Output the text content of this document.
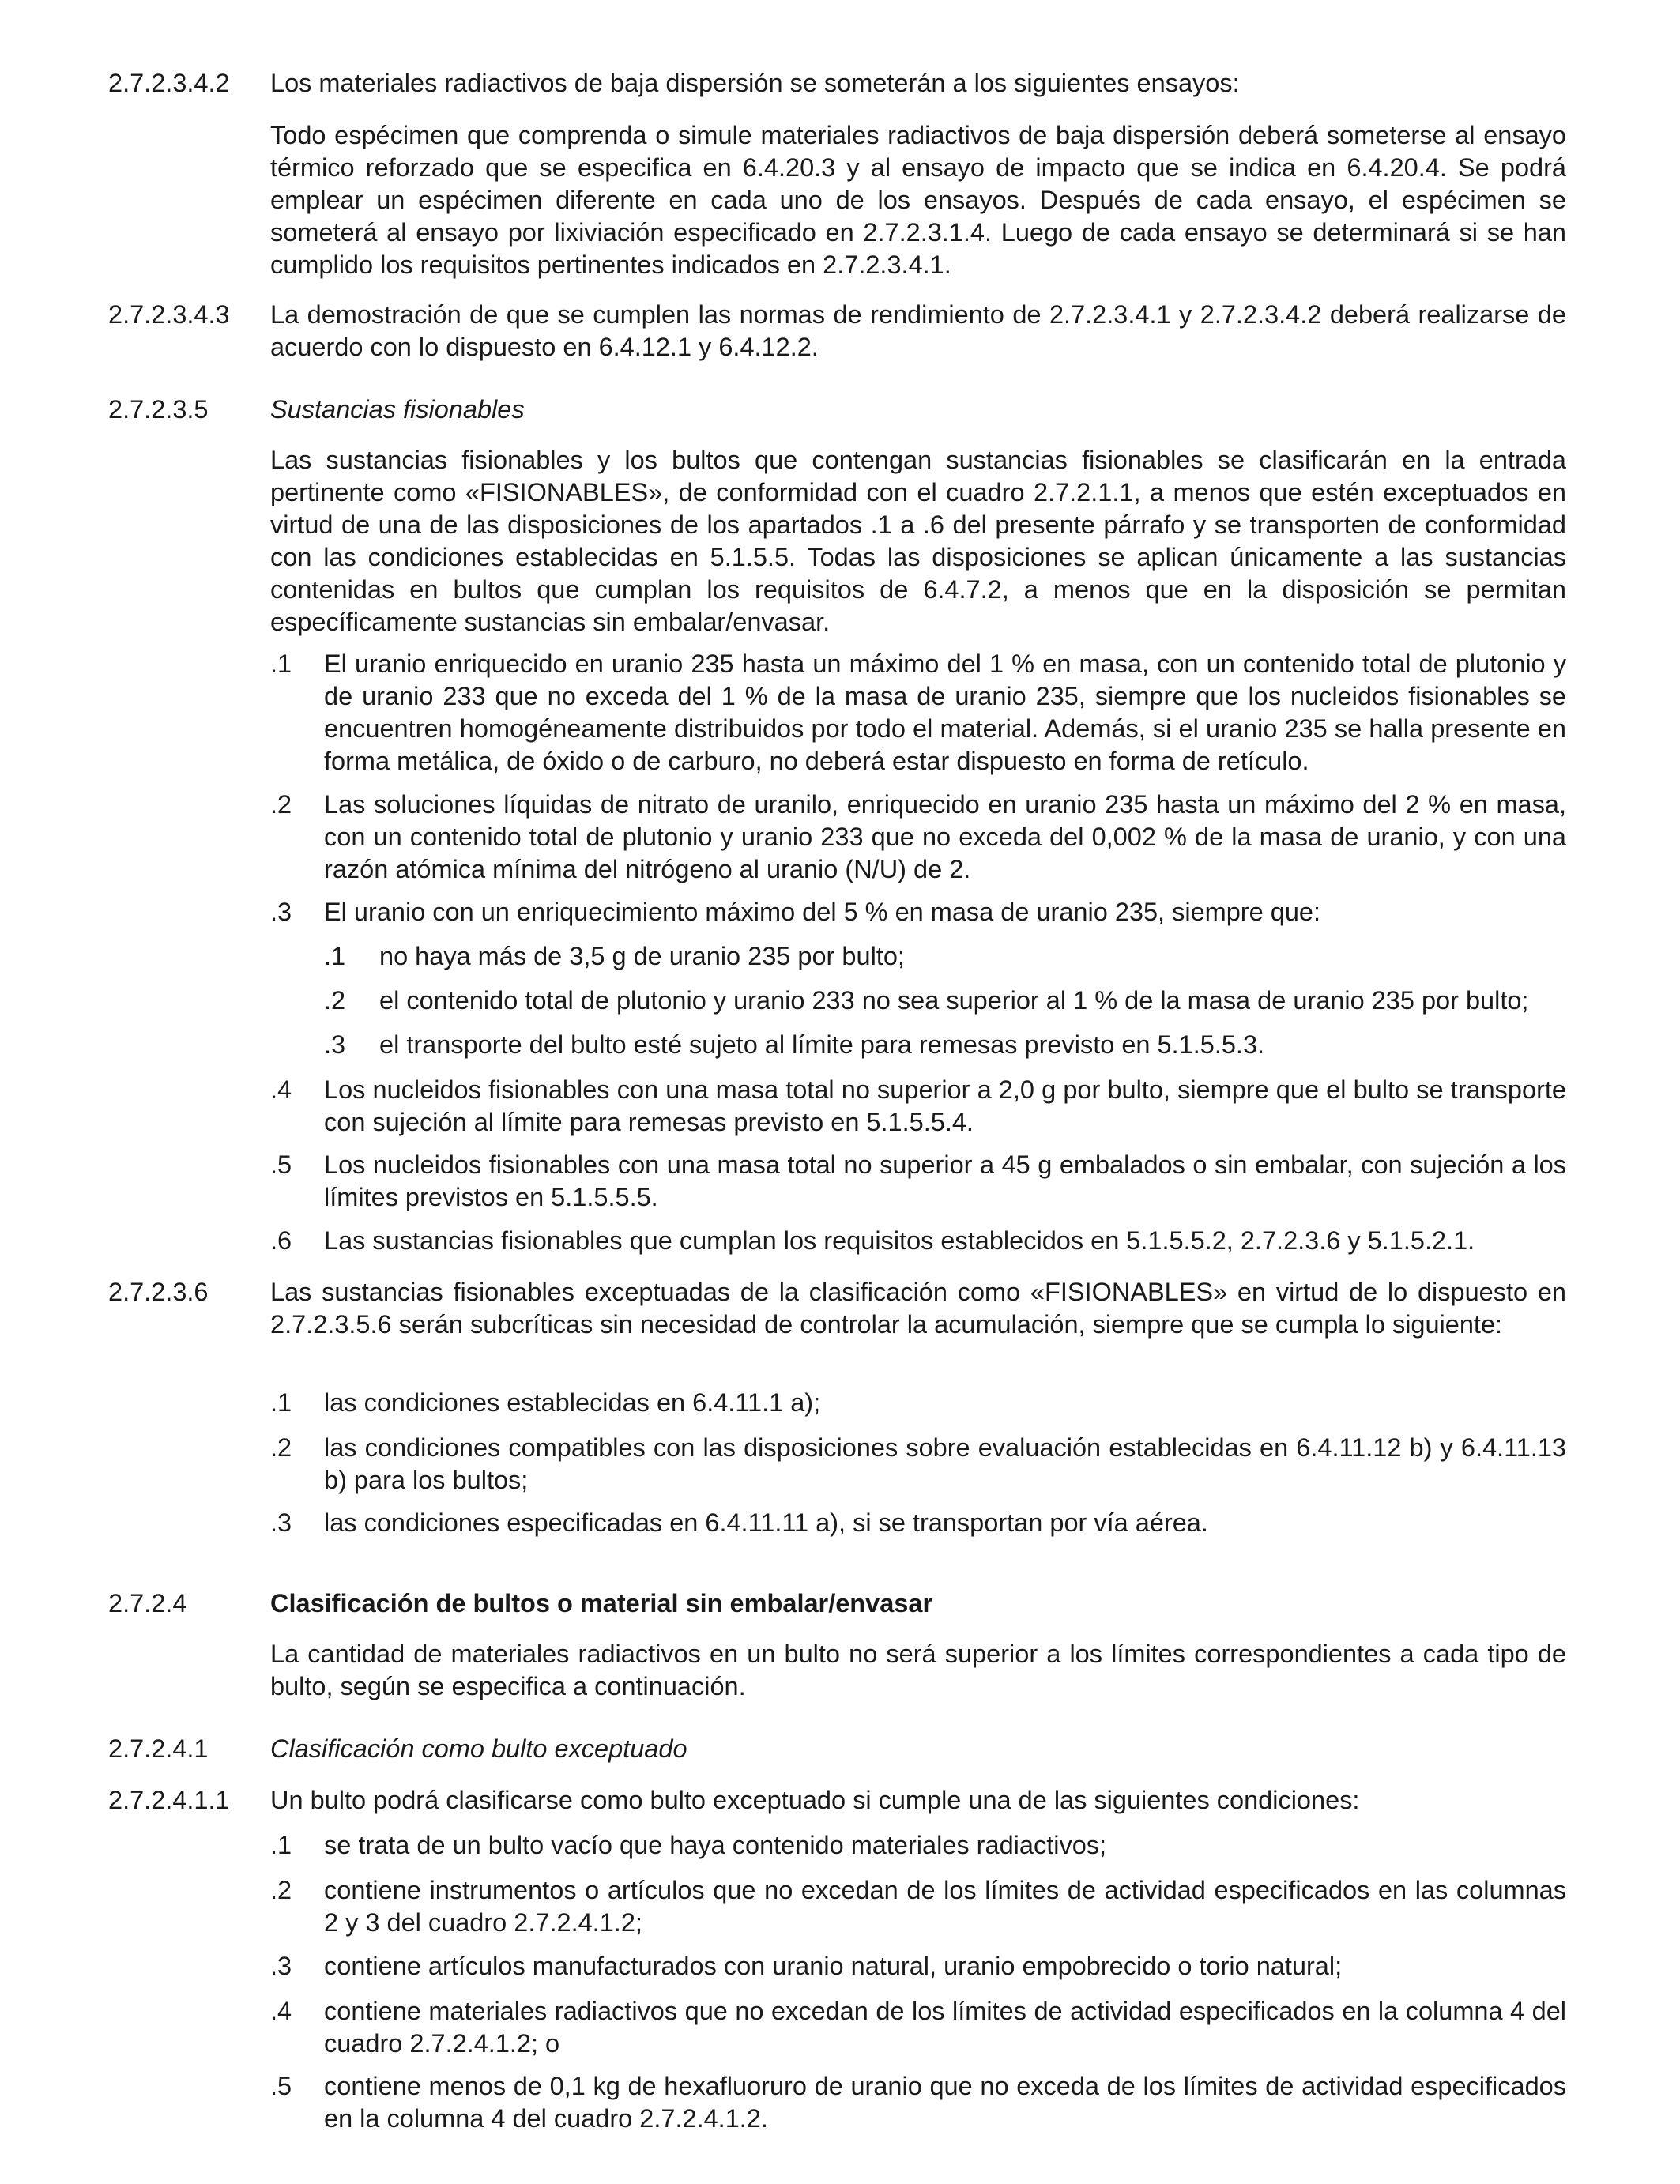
2.7.2.3.4.2 Los materiales radiactivos de baja dispersión se someterán a los siguientes ensayos:

Todo espécimen que comprenda o simule materiales radiactivos de baja dispersión deberá someterse al ensayo térmico reforzado que se especifica en 6.4.20.3 y al ensayo de impacto que se indica en 6.4.20.4. Se podrá emplear un espécimen diferente en cada uno de los ensayos. Después de cada ensayo, el espécimen se someterá al ensayo por lixiviación especificado en 2.7.2.3.1.4. Luego de cada ensayo se determinará si se han cumplido los requisitos pertinentes indicados en 2.7.2.3.4.1.

2.7.2.3.4.3 La demostración de que se cumplen las normas de rendimiento de 2.7.2.3.4.1 y 2.7.2.3.4.2 deberá realizarse de acuerdo con lo dispuesto en 6.4.12.1 y 6.4.12.2.

2.7.2.3.5 Sustancias fisionables

Las sustancias fisionables y los bultos que contengan sustancias fisionables se clasificarán en la entrada pertinente como «FISIONABLES», de conformidad con el cuadro 2.7.2.1.1, a menos que estén exceptuados en virtud de una de las disposiciones de los apartados .1 a .6 del presente párrafo y se transporten de conformidad con las condiciones establecidas en 5.1.5.5. Todas las disposiciones se aplican únicamente a las sustancias contenidas en bultos que cumplan los requisitos de 6.4.7.2, a menos que en la disposición se permitan específicamente sustancias sin embalar/envasar.

.1 El uranio enriquecido en uranio 235 hasta un máximo del 1 % en masa, con un contenido total de plutonio y de uranio 233 que no exceda del 1 % de la masa de uranio 235, siempre que los nucleidos fisionables se encuentren homogéneamente distribuidos por todo el material. Además, si el uranio 235 se halla presente en forma metálica, de óxido o de carburo, no deberá estar dispuesto en forma de retículo.

.2 Las soluciones líquidas de nitrato de uranilo, enriquecido en uranio 235 hasta un máximo del 2 % en masa, con un contenido total de plutonio y uranio 233 que no exceda del 0,002 % de la masa de uranio, y con una razón atómica mínima del nitrógeno al uranio (N/U) de 2.

.3 El uranio con un enriquecimiento máximo del 5 % en masa de uranio 235, siempre que:

.1 no haya más de 3,5 g de uranio 235 por bulto;
.2 el contenido total de plutonio y uranio 233 no sea superior al 1 % de la masa de uranio 235 por bulto;
.3 el transporte del bulto esté sujeto al límite para remesas previsto en 5.1.5.5.3.
.4 Los nucleidos fisionables con una masa total no superior a 2,0 g por bulto, siempre que el bulto se transporte con sujeción al límite para remesas previsto en 5.1.5.5.4.

.5 Los nucleidos fisionables con una masa total no superior a 45 g embalados o sin embalar, con sujeción a los límites previstos en 5.1.5.5.5.

.6 Las sustancias fisionables que cumplan los requisitos establecidos en 5.1.5.5.2, 2.7.2.3.6 y 5.1.5.2.1.

2.7.2.3.6 Las sustancias fisionables exceptuadas de la clasificación como «FISIONABLES» en virtud de lo dispuesto en 2.7.2.3.5.6 serán subcríticas sin necesidad de controlar la acumulación, siempre que se cumpla lo siguiente:

.1 las condiciones establecidas en 6.4.11.1 a);

.2 las condiciones compatibles con las disposiciones sobre evaluación establecidas en 6.4.11.12 b) y 6.4.11.13 b) para los bultos;

.3 las condiciones especificadas en 6.4.11.11 a), si se transportan por vía aérea.

2.7.2.4	Clasificación de bultos o material sin embalar/envasar

La cantidad de materiales radiactivos en un bulto no será superior a los límites correspondientes a cada tipo de bulto, según se especifica a continuación.

2.7.2.4.1 Clasificación como bulto exceptuado
2.7.2.4.1.1 Un bulto podrá clasificarse como bulto exceptuado si cumple una de las siguientes condiciones:
.1 se trata de un bulto vacío que haya contenido materiales radiactivos;

.2 contiene instrumentos o artículos que no excedan de los límites de actividad especificados en las columnas 2 y 3 del cuadro 2.7.2.4.1.2;

.3 contiene artículos manufacturados con uranio natural, uranio empobrecido o torio natural;

.4 contiene materiales radiactivos que no excedan de los límites de actividad especificados en la columna 4 del cuadro 2.7.2.4.1.2; o

.5 contiene menos de 0,1 kg de hexafluoruro de uranio que no exceda de los límites de actividad especificados en la columna 4 del cuadro 2.7.2.4.1.2.
